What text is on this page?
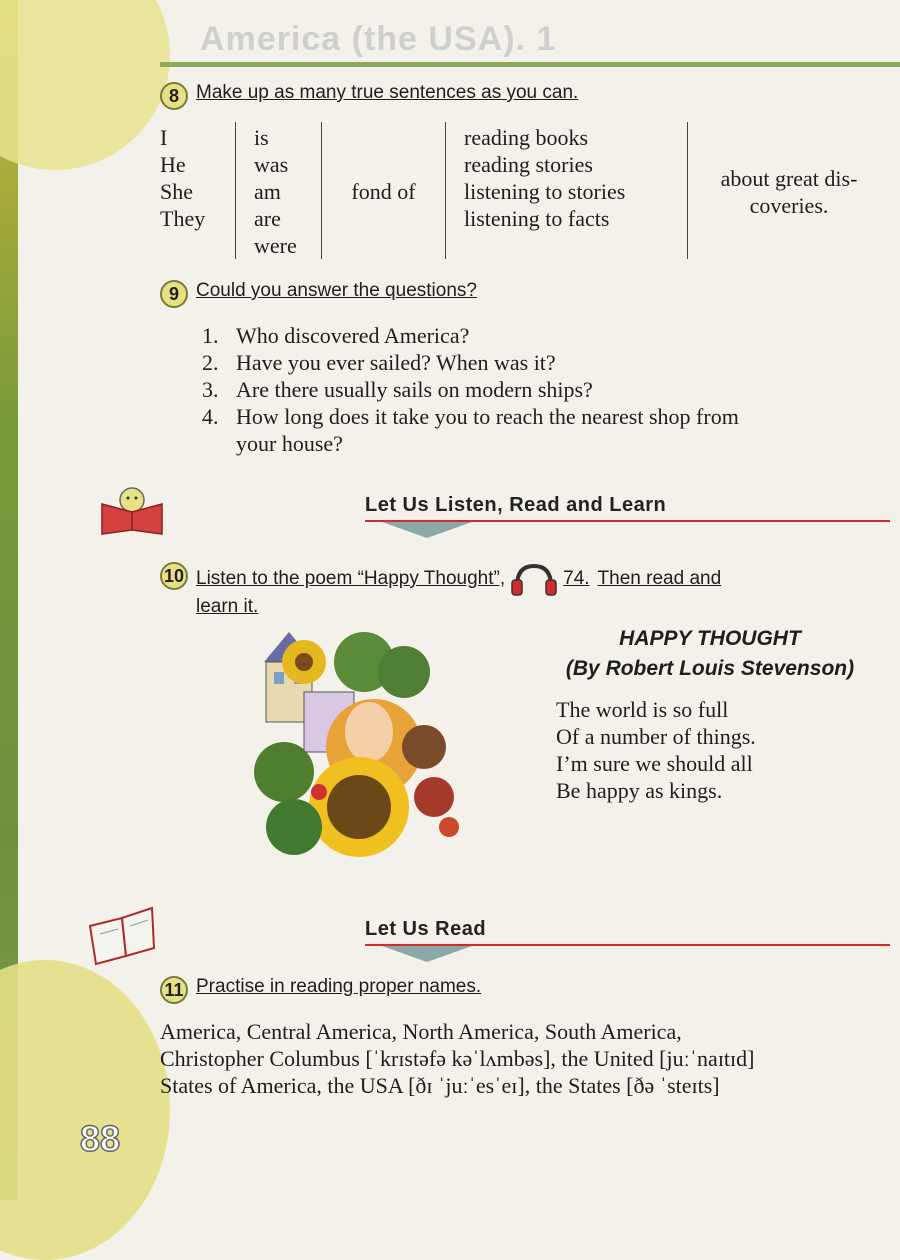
America (the USA). 1
8 Make up as many true sentences as you can.
I
He
She
They
is
was
am
are
were
fond of
reading books
reading stories
listening to stories
listening to facts
about great dis-
coveries.
9 Could you answer the questions?
1. Who discovered America?
2. Have you ever sailed? When was it?
3. Are there usually sails on modern ships?
4. How long does it take you to reach the nearest shop from
your house?
Let Us Listen, Read and Learn
10 Listen to the poem “Happy Thought”,	74. Then read and
learn it.
HAPPY THOUGHT
(By Robert Louis Stevenson)
The world is so full
Of a number of things.
I’m sure we should all
Be happy as kings.
Let Us Read
11 Practise in reading proper names.
America, Central America, North America, South America,
Christopher Columbus [ˈkrɪstəfə kəˈlʌmbəs], the United [juːˈnaɪtɪd]
States of America, the USA [ðɪ ˈjuːˈesˈeɪ], the States [ðə ˈsteɪts]
88
